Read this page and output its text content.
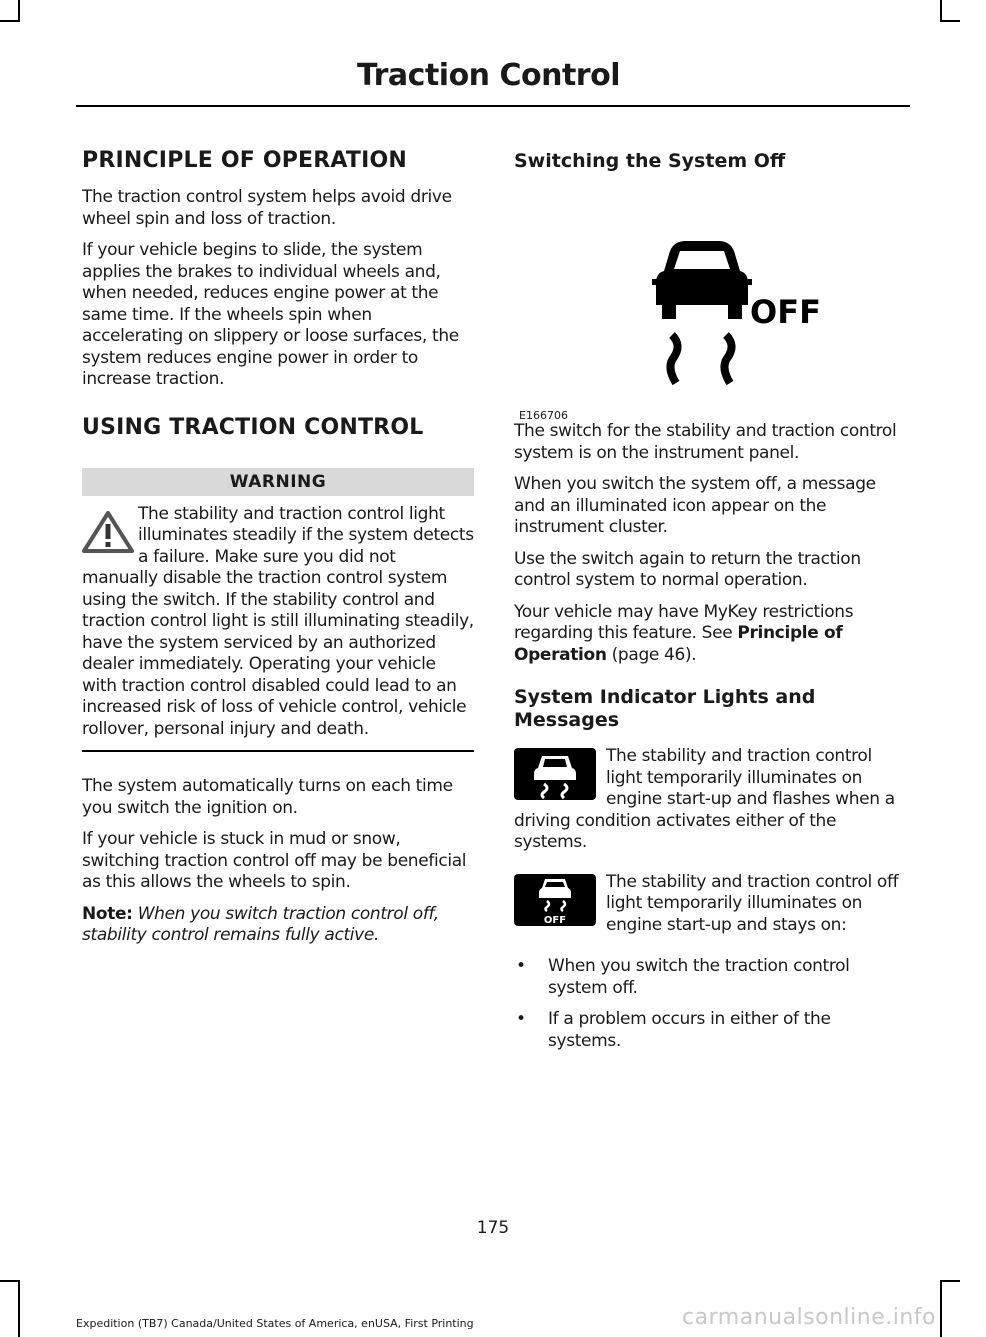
Traction Control
PRINCIPLE OF OPERATION

The traction control system helps avoid drive wheel spin and loss of traction.

If your vehicle begins to slide, the system applies the brakes to individual wheels and, when needed, reduces engine power at the same time. If the wheels spin when accelerating on slippery or loose surfaces, the system reduces engine power in order to increase traction.

USING TRACTION CONTROL
WARNING

The stability and traction control light illuminates steadily if the system detects a failure. Make sure you did not manually disable the traction control system using the switch. If the stability control and traction control light is still illuminating steadily, have the system serviced by an authorized dealer immediately. Operating your vehicle with traction control disabled could lead to an increased risk of loss of vehicle control, vehicle rollover, personal injury and death.

The system automatically turns on each time you switch the ignition on.

If your vehicle is stuck in mud or snow, switching traction control off may be beneficial as this allows the wheels to spin.

Note: When you switch traction control off, stability control remains fully active.

Switching the System Off
OFF
E166706

The switch for the stability and traction control system is on the instrument panel.

When you switch the system off, a message and an illuminated icon appear on the instrument cluster.

Use the switch again to return the traction control system to normal operation.

Your vehicle may have MyKey restrictions regarding this feature. See Principle of Operation (page 46).

System Indicator Lights and Messages

The stability and traction control light temporarily illuminates on engine start-up and flashes when a driving condition activates either of the systems.

OFF

The stability and traction control off light temporarily illuminates on engine start-up and stays on:

• When you switch the traction control system off.
• If a problem occurs in either of the systems.
175
Expedition (TB7) Canada/United States of America, enUSA, First Printing	carmanualsonline.info
